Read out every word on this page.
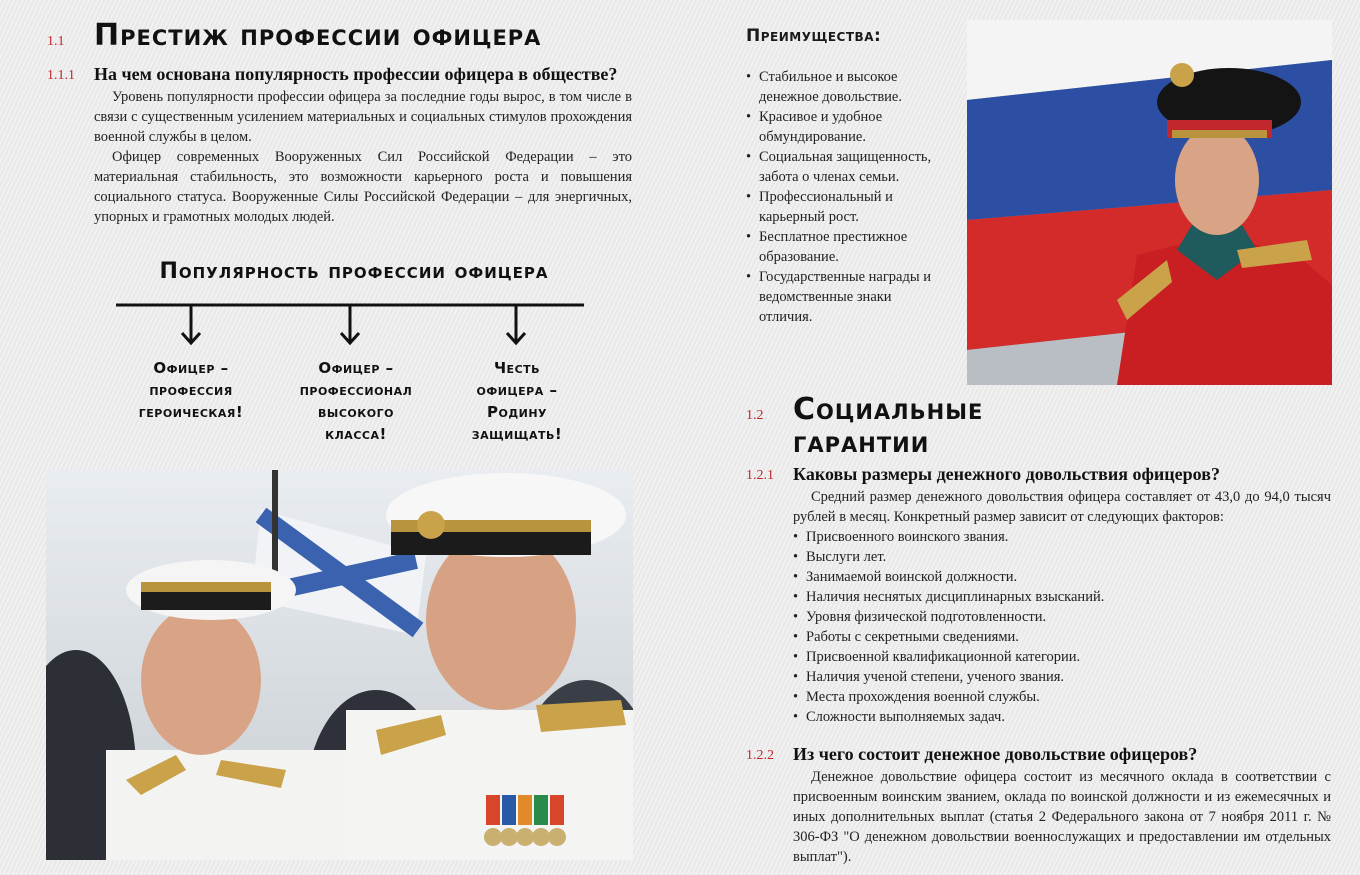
1.1 Престиж профессии офицера
1.1.1 На чем основана популярность профессии офицера в обществе?

Уровень популярности профессии офицера за последние годы вырос, в том числе в связи с существенным усилением материальных и социальных стимулов прохождения военной службы в целом.

Офицер современных Вооруженных Сил Российской Федерации – это материальная стабильность, это возможности карьерного роста и повышения социального статуса. Вооруженные Силы Российской Федерации – для энергичных, упорных и грамотных молодых людей.

Популярность профессии офицера
Офицер – профессия героическая!
Офицер – профессионал высокого класса!
Честь офицера – Родину защищать!
Преимущества:
• Стабильное и высокое денежное довольствие.
• Красивое и удобное обмундирование.
• Социальная защищенность, забота о членах семьи.
• Профессиональный и карьерный рост.
• Бесплатное престижное образование.
• Государственные награды и ведомственные знаки отличия.
1.2 Социальные
гарантии
1.2.1 Каковы размеры денежного довольствия офицеров?

Средний размер денежного довольствия офицера составляет от 43,0 до 94,0 тысяч рублей в месяц. Конкретный размер зависит от следующих факторов:

• Присвоенного воинского звания.
• Выслуги лет.
• Занимаемой воинской должности.
• Наличия неснятых дисциплинарных взысканий.
• Уровня физической подготовленности.
• Работы с секретными сведениями.
• Присвоенной квалификационной категории.
• Наличия ученой степени, ученого звания.
• Места прохождения военной службы.
• Сложности выполняемых задач.
1.2.2 Из чего состоит денежное довольствие офицеров?

Денежное довольствие офицера состоит из месячного оклада в соответствии с присвоенным воинским званием, оклада по воинской должности и из ежемесячных и иных дополнительных выплат (статья 2 Федерального закона от 7 ноября 2011 г. № 306-ФЗ "О денежном довольствии военнослужащих и предоставлении им отдельных выплат").
